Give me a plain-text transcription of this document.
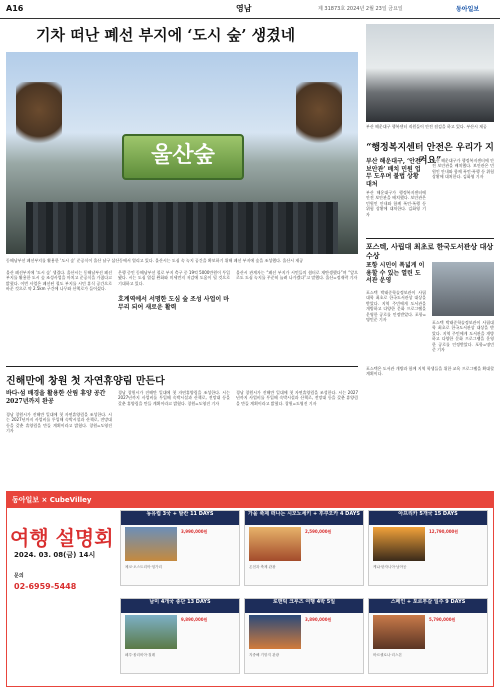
A16	영남	제 31873호 2024년 2월 23일 금요일	동아일보
기차 떠난 폐선 부지에 ‘도시 숲’ 생겼네
울산숲
동해남부선 폐선부지를 활용한 ‘도시 숲’ 준공식이 울산 남구 삼산동에서 열리고 있다. 울산시는 도심 속 녹지 공간을 확보하기 위해 폐선 부지에 숲을 조성했다. 울산시 제공
울산 폐선부지에 ‘도시 숲’ 생겼다. 울산시는 동해남부선 폐선 부지를 활용한 도시 숲 조성사업을 마치고 준공식을 가졌다고 밝혔다. 이번 사업은 폐선된 철도 부지를 시민 휴식 공간으로 바꾼 것으로 약 2.5km 구간에 나무와 산책로가 들어섰다.
은행 중인 동해남부선 철로 부지 측구 중 19억 5000만원이 투입됐다. 시는 도심 열섬 완화와 미세먼지 저감에 도움이 될 것으로 기대하고 있다.
호계역에서 서명한 도심 숲 조성 사업이 마무리 되어 새로운 활력
울산시 관계자는 “폐선 부지가 시민들의 쉼터로 재탄생했다”며 “앞으로도 도심 녹지를 꾸준히 늘려 나가겠다”고 말했다. 울산=정재락 기자
진해만에 창원 첫 자연휴양림 만든다
바다·섬 배경을 활용한 산림 휴양 공간 2027년까지 완공
경남 창원시가 진해만 일대에 첫 자연휴양림을 조성한다. 시는 2027년까지 사업비를 투입해 숙박시설과 산책로, 전망대 등을 갖춘 휴양림을 만들 계획이라고 밝혔다. 창원=도영진 기자
경남 창원시가 진해만 일대에 첫 자연휴양림을 조성한다. 시는 2027년까지 사업비를 투입해 숙박시설과 산책로, 전망대 등을 갖춘 휴양림을 만들 계획이라고 밝혔다. 창원=도영진 기자
경남 창원시가 진해만 일대에 첫 자연휴양림을 조성한다. 시는 2027년까지 사업비를 투입해 숙박시설과 산책로, 전망대 등을 갖춘 휴양림을 만들 계획이라고 밝혔다. 창원=도영진 기자
부산 해운대구 행복센터 직원들이 안전 점검을 하고 있다. 부산시 제공
“행정복지센터 안전은 우리가 지켜요”
부산 해운대구, ‘안전 보안관’ 배치 민원 업무 도우며 불법 상황 대처
부산 해운대구가 행정복지센터에 안전 보안관을 배치했다. 보안관은 민원인 안내와 함께 폭언·폭행 등 위험 상황에 대처한다. 김화영 기자
부산 해운대구가 행정복지센터에 안전 보안관을 배치했다. 보안관은 민원인 안내와 함께 폭언·폭행 등 위험 상황에 대처한다. 김화영 기자
포스텍, 사립대 최초로 한국도서관상 대상 수상
포항 시민이 폭넓게 이용할 수 있는 열린 도서관 운영
포스텍 박태준학술정보관이 사립대학 최초로 한국도서관상 대상을 받았다. 지역 주민에게 도서관을 개방하고 다양한 문화 프로그램을 운영한 공로를 인정받았다. 포항=명민준 기자
포스텍 박태준학술정보관이 사립대학 최초로 한국도서관상 대상을 받았다. 지역 주민에게 도서관을 개방하고 다양한 문화 프로그램을 운영한 공로를 인정받았다. 포항=명민준 기자
포스텍은 도서관 개방과 함께 지역 학생들을 위한 교육 프로그램을 확대할 계획이다.
동아일보 × CubeVilley
여행 설명회
2024. 03. 08(금) 14시
문의
02-6959-5448
동유럽 3국 + 발칸 11 DAYS
3,990,000원
체코·오스트리아·헝가리
가을 축제 떠나는 시모노세키 + 후쿠오카 4 DAYS
2,590,000원
온천과 축제 관광
아프리카 5개국 15 DAYS
12,790,000원
케냐·탄자니아·남아공
남미 4개국 종단 13 DAYS
9,890,000원
페루·볼리비아·칠레
로맨틱 크루즈 여행 4박 5일
3,890,000원
지중해 기항지 관광
스페인 + 포르투갈 일주 9 DAYS
5,790,000원
바르셀로나·리스본
